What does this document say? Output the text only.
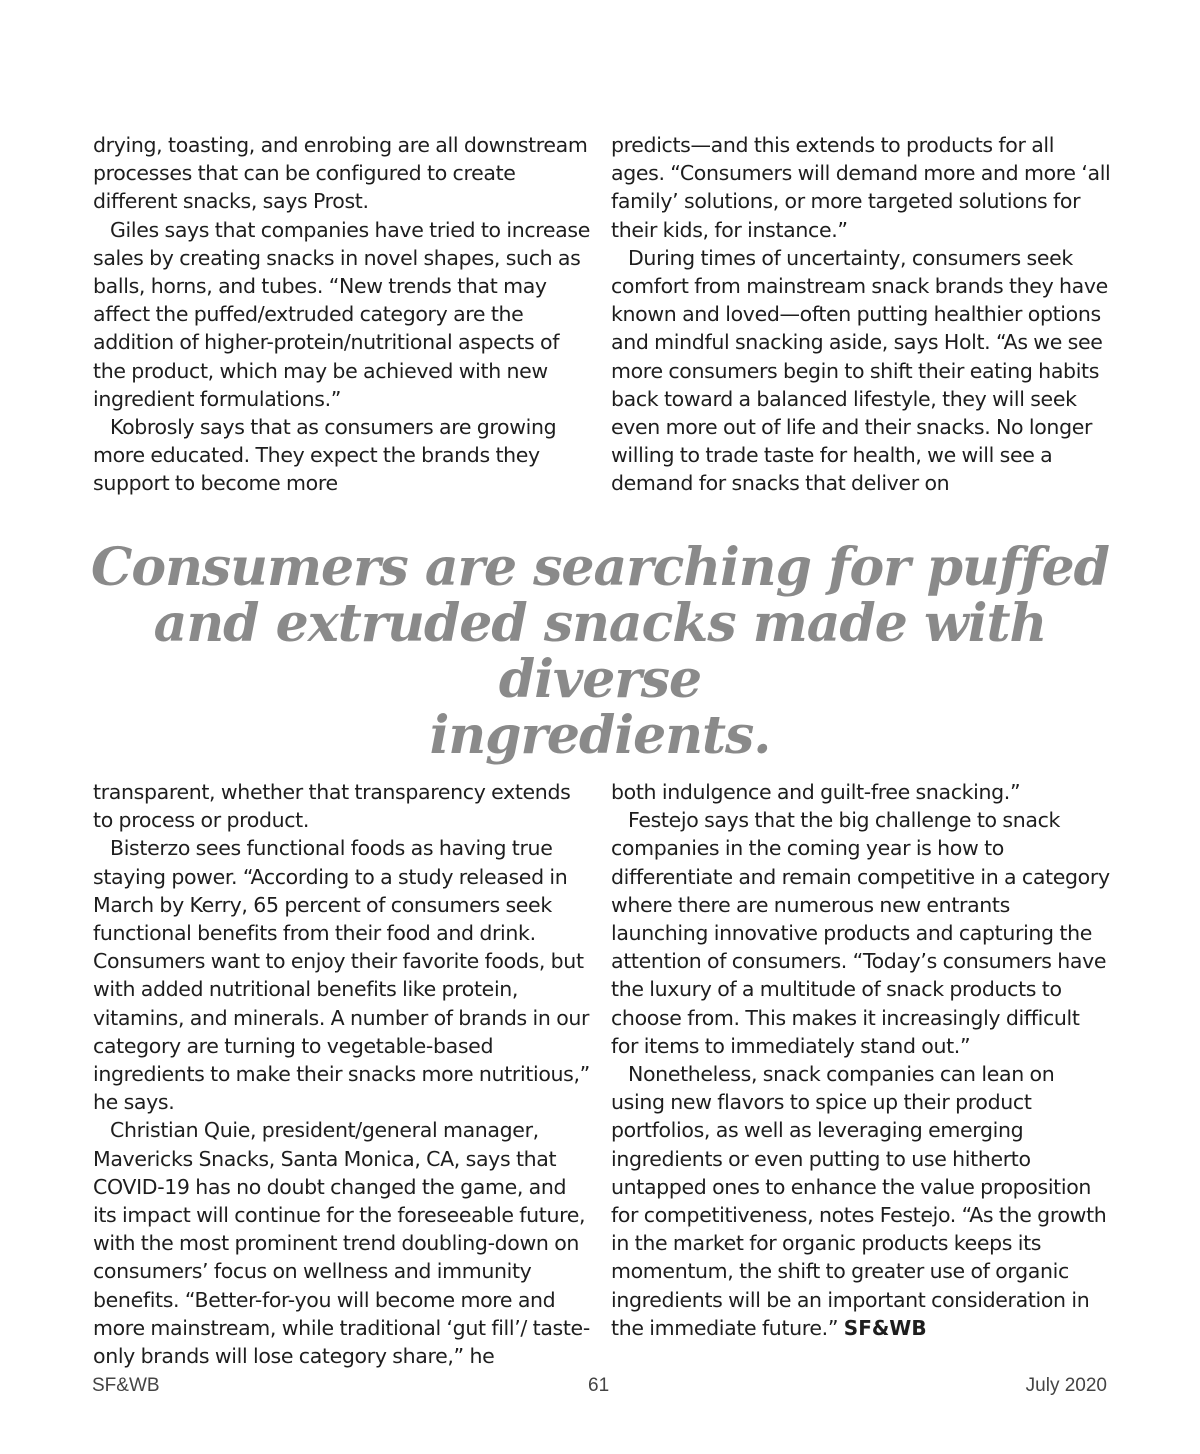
drying, toasting, and enrobing are all downstream processes that can be configured to create different snacks, says Prost.

Giles says that companies have tried to increase sales by creating snacks in novel shapes, such as balls, horns, and tubes. “New trends that may affect the puffed/extruded category are the addition of higher-protein/nutritional aspects of the product, which may be achieved with new ingredient formulations.”

Kobrosly says that as consumers are growing more educated. They expect the brands they support to become more

predicts—and this extends to products for all ages. “Consumers will demand more and more ‘all family’ solutions, or more targeted solutions for their kids, for instance.”

During times of uncertainty, consumers seek comfort from mainstream snack brands they have known and loved—often putting healthier options and mindful snacking aside, says Holt. “As we see more consumers begin to shift their eating habits back toward a balanced lifestyle, they will seek even more out of life and their snacks. No longer willing to trade taste for health, we will see a demand for snacks that deliver on

Consumers are searching for puffed
and extruded snacks made with diverse
ingredients.

transparent, whether that transparency extends to process or product.

Bisterzo sees functional foods as having true staying power. “According to a study released in March by Kerry, 65 percent of consumers seek functional benefits from their food and drink. Consumers want to enjoy their favorite foods, but with added nutritional benefits like protein, vitamins, and minerals. A number of brands in our category are turning to vegetable-based ingredients to make their snacks more nutritious,” he says.

Christian Quie, president/general manager, Mavericks Snacks, Santa Monica, CA, says that COVID-19 has no doubt changed the game, and its impact will continue for the foreseeable future, with the most prominent trend doubling-down on consumers’ focus on wellness and immunity benefits. “Better-for-you will become more and more mainstream, while traditional ‘gut fill’/ taste-only brands will lose category share,” he

both indulgence and guilt-free snacking.”

Festejo says that the big challenge to snack companies in the coming year is how to differentiate and remain competitive in a category where there are numerous new entrants launching innovative products and capturing the attention of consumers. “Today’s consumers have the luxury of a multitude of snack products to choose from. This makes it increasingly difficult for items to immediately stand out.”

Nonetheless, snack companies can lean on using new flavors to spice up their product portfolios, as well as leveraging emerging ingredients or even putting to use hitherto untapped ones to enhance the value proposition for competitiveness, notes Festejo. “As the growth in the market for organic products keeps its momentum, the shift to greater use of organic ingredients will be an important consideration in the immediate future.” SF&WB

SF&WB	61	July 2020
